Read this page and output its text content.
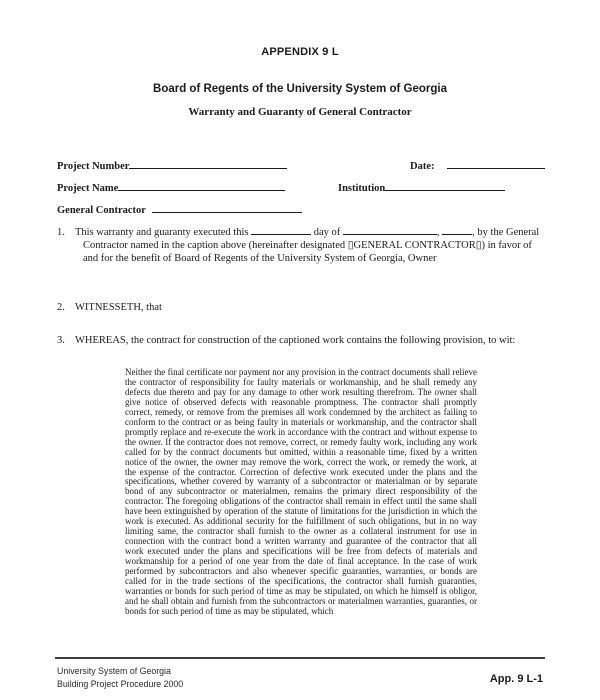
APPENDIX 9 L
Board of Regents of the University System of Georgia
Warranty and Guaranty of General Contractor
Project Number	Date:
Project Name	Institution
General Contractor
1. This warranty and guaranty executed this	day of	,	, by the General Contractor named in the caption above (hereinafter designated ▯GENERAL CONTRACTOR▯) in favor of and for the benefit of Board of Regents of the University System of Georgia, Owner
2. WITNESSETH, that
3. WHEREAS, the contract for construction of the captioned work contains the following provision, to wit:
Neither the final certificate nor payment nor any provision in the contract documents shall relieve the contractor of responsibility for faulty materials or workmanship, and he shall remedy any defects due thereto and pay for any damage to other work resulting therefrom. The owner shall give notice of observed defects with reasonable promptness. The contractor shall promptly correct, remedy, or remove from the premises all work condemned by the architect as failing to conform to the contract or as being faulty in materials or workmanship, and the contractor shall promptly replace and re-execute the work in accordance with the contract and without expense to the owner. If the contractor does not remove, correct, or remedy faulty work, including any work called for by the contract documents but omitted, within a reasonable time, fixed by a written notice of the owner, the owner may remove the work, correct the work, or remedy the work, at the expense of the contractor. Correction of defective work executed under the plans and the specifications, whether covered by warranty of a subcontractor or materialman or by separate bond of any subcontractor or materialmen, remains the primary direct responsibility of the contractor. The foregoing obligations of the contractor shall remain in effect until the same shall have been extinguished by operation of the statute of limitations for the jurisdiction in which the work is executed. As additional security for the fulfillment of such obligations, but in no way limiting same, the contractor shall furnish to the owner as a collateral instrument for use in connection with the contract bond a written warranty and guarantee of the contractor that all work executed under the plans and specifications will be free from defects of materials and workmanship for a period of one year from the date of final acceptance. In the case of work performed by subcontractors and also whenever specific guaranties, warranties, or bonds are called for in the trade sections of the specifications, the contractor shall furnish guaranties, warranties or bonds for such period of time as may be stipulated, on which he himself is obligor, and he shall obtain and furnish from the subcontractors or materialmen warranties, guaranties, or bonds for such period of time as may be stipulated, which
University System of Georgia
Building Project Procedure 2000	App. 9 L-1
